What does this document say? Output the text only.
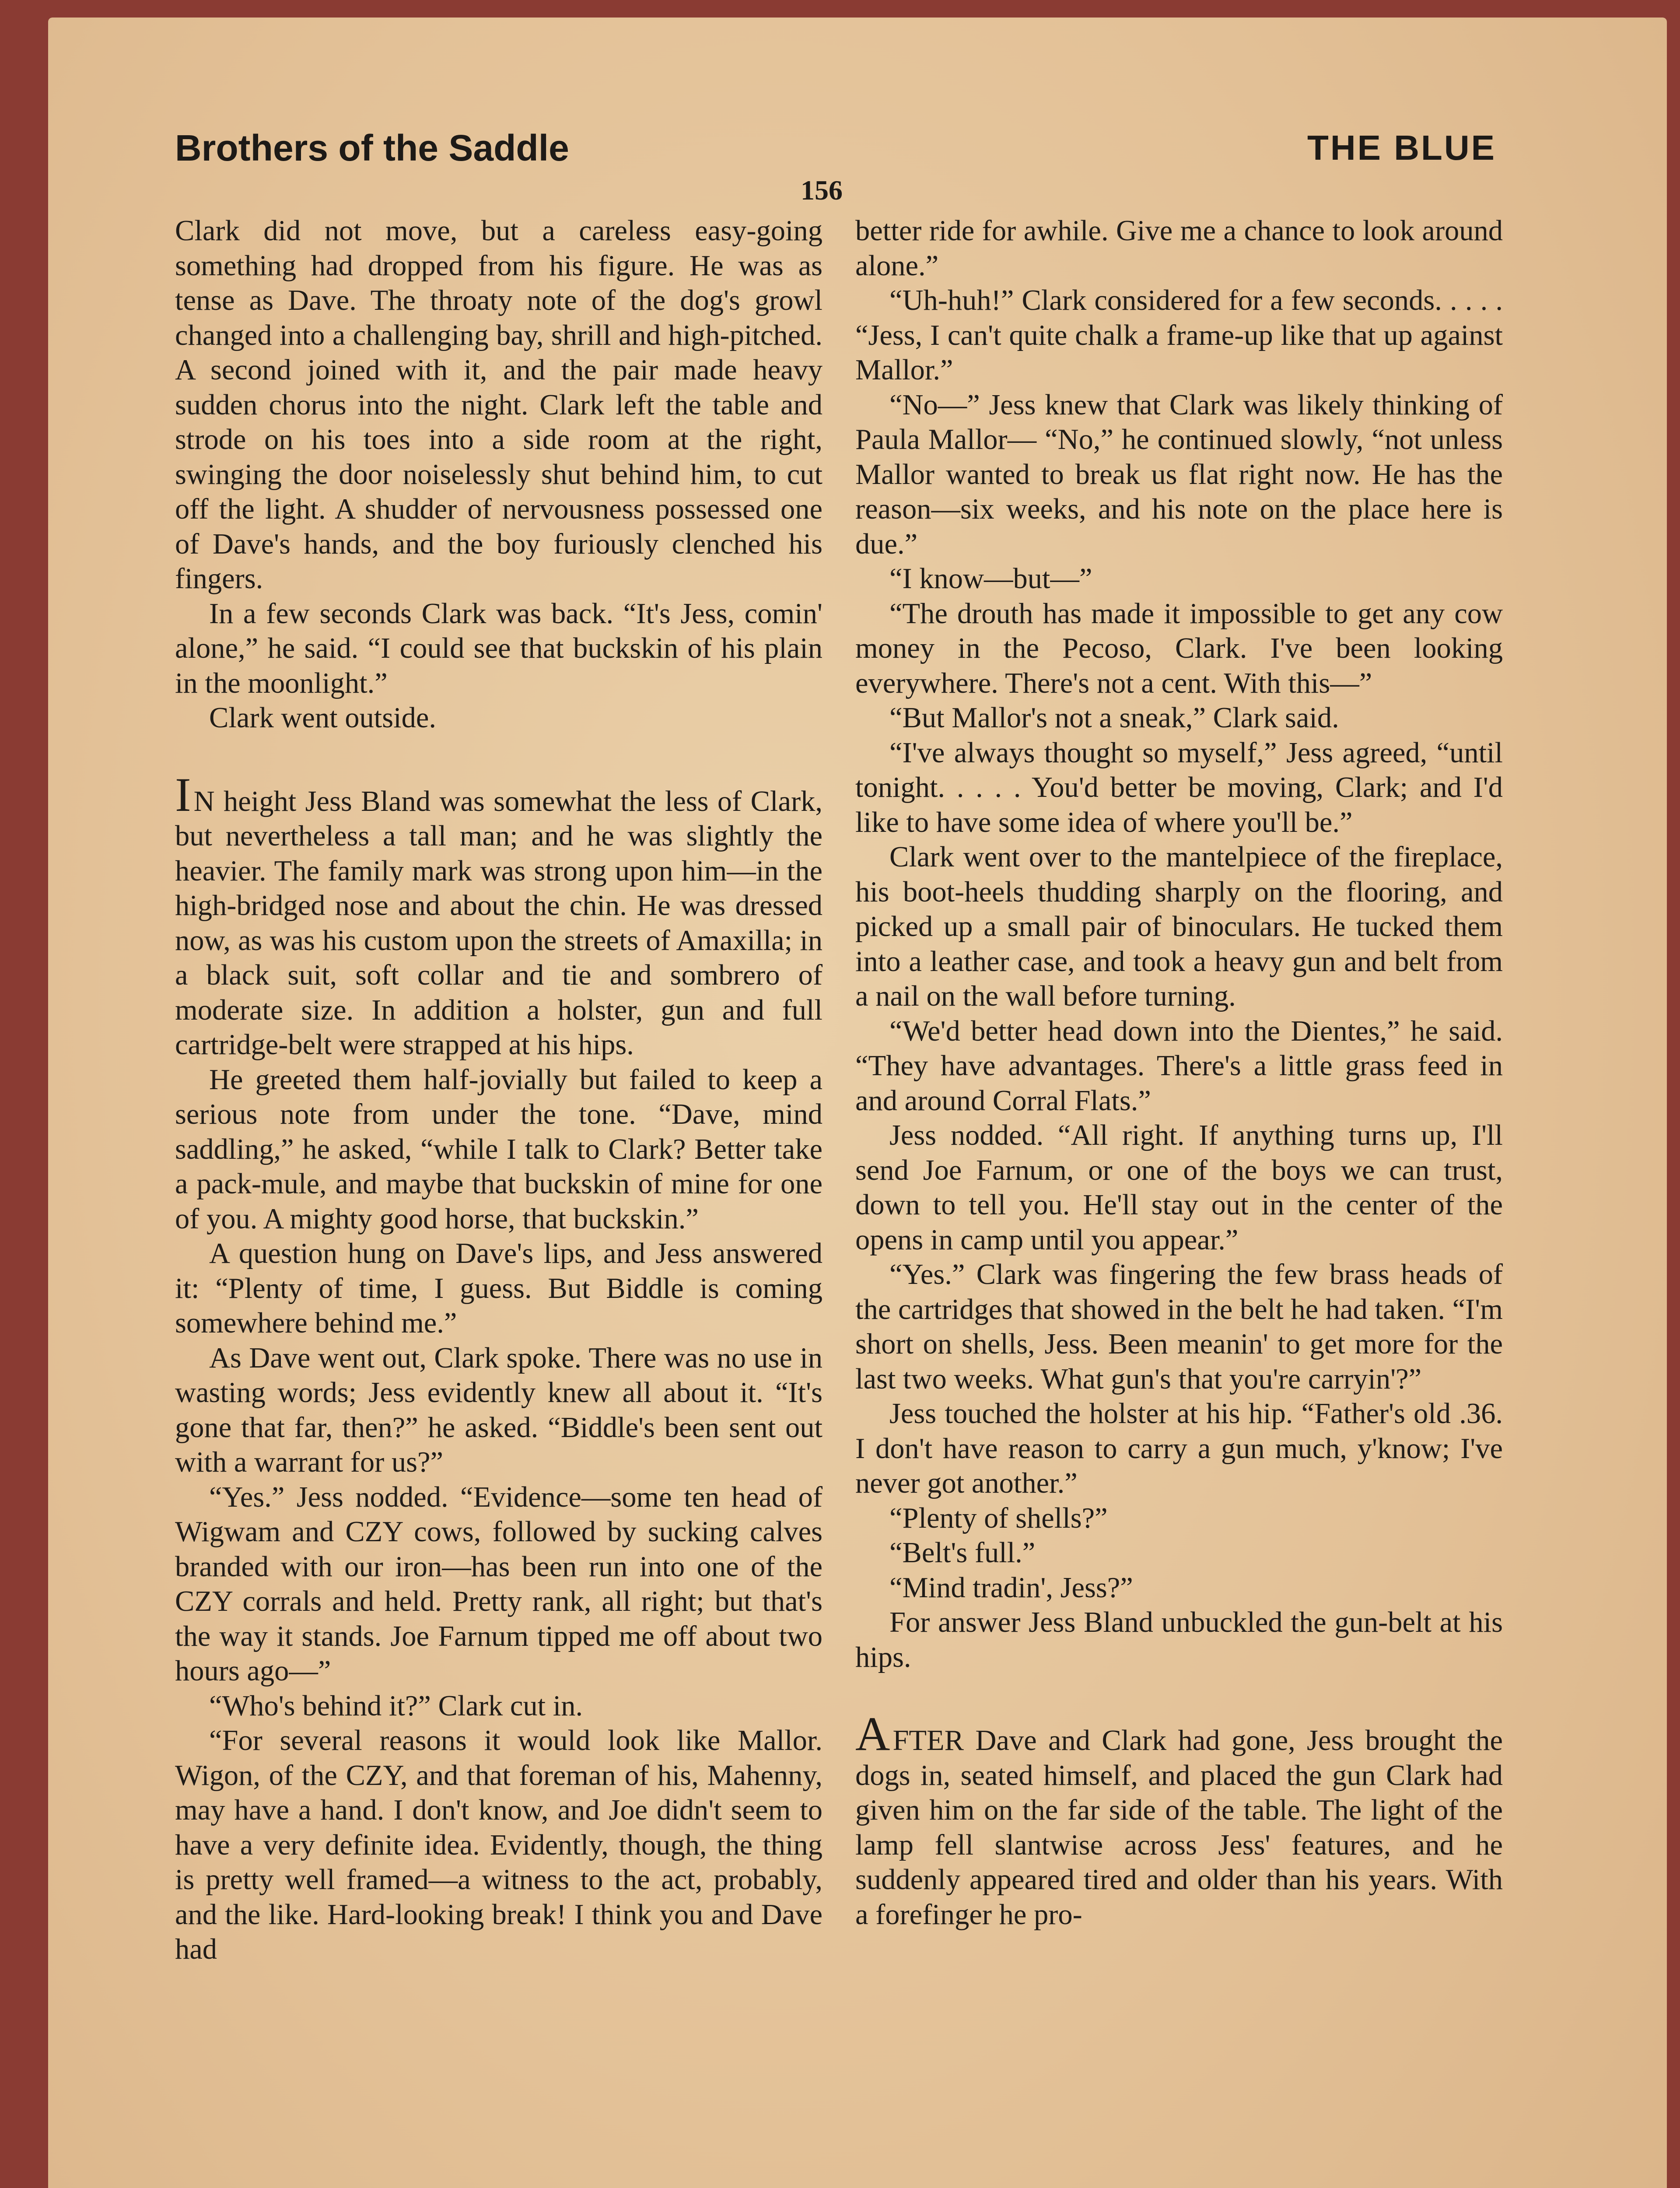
Brothers of the Saddle	THE BLUE
156

Clark did not move, but a careless easy-going something had dropped from his figure. He was as tense as Dave. The throaty note of the dog's growl changed into a challenging bay, shrill and high-pitched. A second joined with it, and the pair made heavy sudden chorus into the night. Clark left the table and strode on his toes into a side room at the right, swinging the door noiselessly shut behind him, to cut off the light. A shudder of nervousness possessed one of Dave's hands, and the boy furiously clenched his fingers.

In a few seconds Clark was back. “It's Jess, comin' alone,” he said. “I could see that buckskin of his plain in the moonlight.”

Clark went outside.

IN height Jess Bland was somewhat the less of Clark, but nevertheless a tall man; and he was slightly the heavier. The family mark was strong upon him—in the high-bridged nose and about the chin. He was dressed now, as was his custom upon the streets of Amaxilla; in a black suit, soft collar and tie and sombrero of moderate size. In addition a holster, gun and full cartridge-belt were strapped at his hips.

He greeted them half-jovially but failed to keep a serious note from under the tone. “Dave, mind saddling,” he asked, “while I talk to Clark? Better take a pack-mule, and maybe that buckskin of mine for one of you. A mighty good horse, that buckskin.”

A question hung on Dave's lips, and Jess answered it: “Plenty of time, I guess. But Biddle is coming somewhere behind me.”

As Dave went out, Clark spoke. There was no use in wasting words; Jess evidently knew all about it. “It's gone that far, then?” he asked. “Biddle's been sent out with a warrant for us?”

“Yes.” Jess nodded. “Evidence—some ten head of Wigwam and CZY cows, followed by sucking calves branded with our iron—has been run into one of the CZY corrals and held. Pretty rank, all right; but that's the way it stands. Joe Farnum tipped me off about two hours ago—”

“Who's behind it?” Clark cut in.

“For several reasons it would look like Mallor. Wigon, of the CZY, and that foreman of his, Mahenny, may have a hand. I don't know, and Joe didn't seem to have a very definite idea. Evidently, though, the thing is pretty well framed—a witness to the act, probably, and the like. Hard-looking break! I think you and Dave had

better ride for awhile. Give me a chance to look around alone.”

“Uh-huh!” Clark considered for a few seconds. . . . . “Jess, I can't quite chalk a frame-up like that up against Mallor.”

“No—” Jess knew that Clark was likely thinking of Paula Mallor— “No,” he continued slowly, “not unless Mallor wanted to break us flat right now. He has the reason—six weeks, and his note on the place here is due.”

“I know—but—”

“The drouth has made it impossible to get any cow money in the Pecoso, Clark. I've been looking everywhere. There's not a cent. With this—”

“But Mallor's not a sneak,” Clark said.

“I've always thought so myself,” Jess agreed, “until tonight. . . . . You'd better be moving, Clark; and I'd like to have some idea of where you'll be.”

Clark went over to the mantelpiece of the fireplace, his boot-heels thudding sharply on the flooring, and picked up a small pair of binoculars. He tucked them into a leather case, and took a heavy gun and belt from a nail on the wall before turning.

“We'd better head down into the Dientes,” he said. “They have advantages. There's a little grass feed in and around Corral Flats.”

Jess nodded. “All right. If anything turns up, I'll send Joe Farnum, or one of the boys we can trust, down to tell you. He'll stay out in the center of the opens in camp until you appear.”

“Yes.” Clark was fingering the few brass heads of the cartridges that showed in the belt he had taken. “I'm short on shells, Jess. Been meanin' to get more for the last two weeks. What gun's that you're carryin'?”

Jess touched the holster at his hip. “Father's old .36. I don't have reason to carry a gun much, y'know; I've never got another.”

“Plenty of shells?”

“Belt's full.”

“Mind tradin', Jess?”

For answer Jess Bland unbuckled the gun-belt at his hips.

AFTER Dave and Clark had gone, Jess brought the dogs in, seated himself, and placed the gun Clark had given him on the far side of the table. The light of the lamp fell slantwise across Jess' features, and he suddenly appeared tired and older than his years. With a forefinger he pro-
